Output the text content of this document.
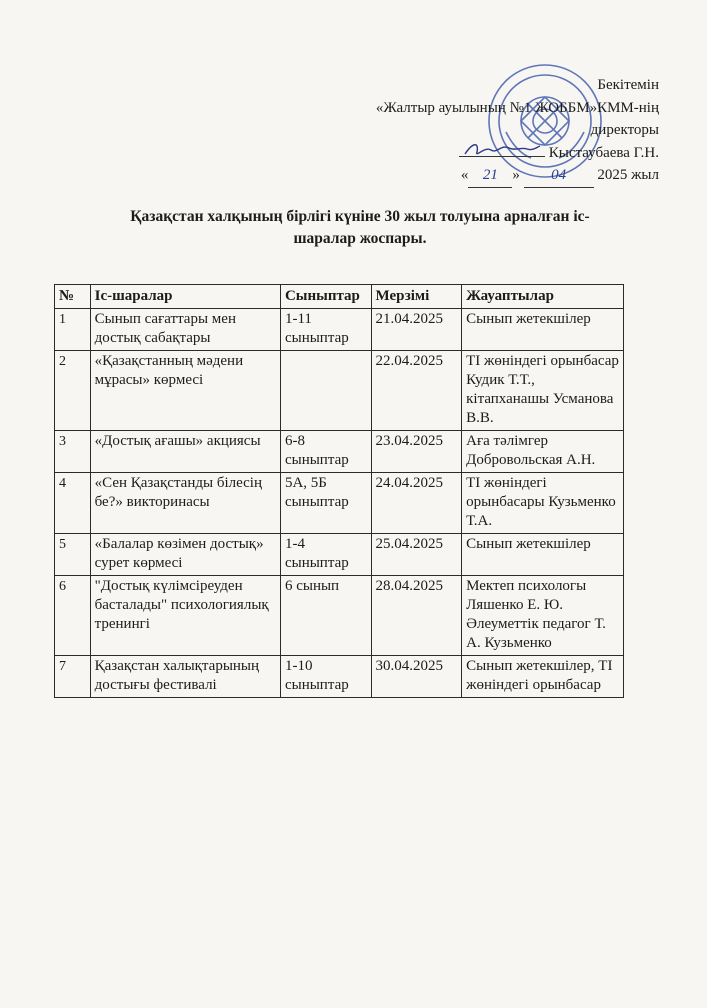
Бекітемін
«Жалтыр ауылының №1 ЖОББМ»КММ-нің
директоры
Кыстаубаева Г.Н.
« 21 » 04 2025 жыл
Қазақстан халқының бірлігі күніне 30 жыл толуына арналған іс-шаралар жоспары.
№	Іс-шаралар	Сыныптар	Мерзімі	Жауаптылар
1	Сынып сағаттары мен достық сабақтары	1-11 сыныптар	21.04.2025	Сынып жетекшілер
2	«Қазақстанның мәдени мұрасы» көрмесі		22.04.2025	ТІ жөніндегі орынбасар Кудик Т.Т., кітапханашы Усманова В.В.
3	«Достық ағашы» акциясы	6-8 сыныптар	23.04.2025	Аға тәлімгер Добровольская А.Н.
4	«Сен Қазақстанды білесің бе?» викторинасы	5А, 5Б сыныптар	24.04.2025	ТІ жөніндегі орынбасары Кузьменко Т.А.
5	«Балалар көзімен достық» сурет көрмесі	1-4 сыныптар	25.04.2025	Сынып жетекшілер
6	"Достық күлімсіреуден басталады" психологиялық тренингі	6 сынып	28.04.2025	Мектеп психологы Ляшенко Е. Ю. Әлеуметтік педагог Т. А. Кузьменко
7	Қазақстан халықтарының достығы фестивалі	1-10 сыныптар	30.04.2025	Сынып жетекшілер, ТІ жөніндегі орынбасар
